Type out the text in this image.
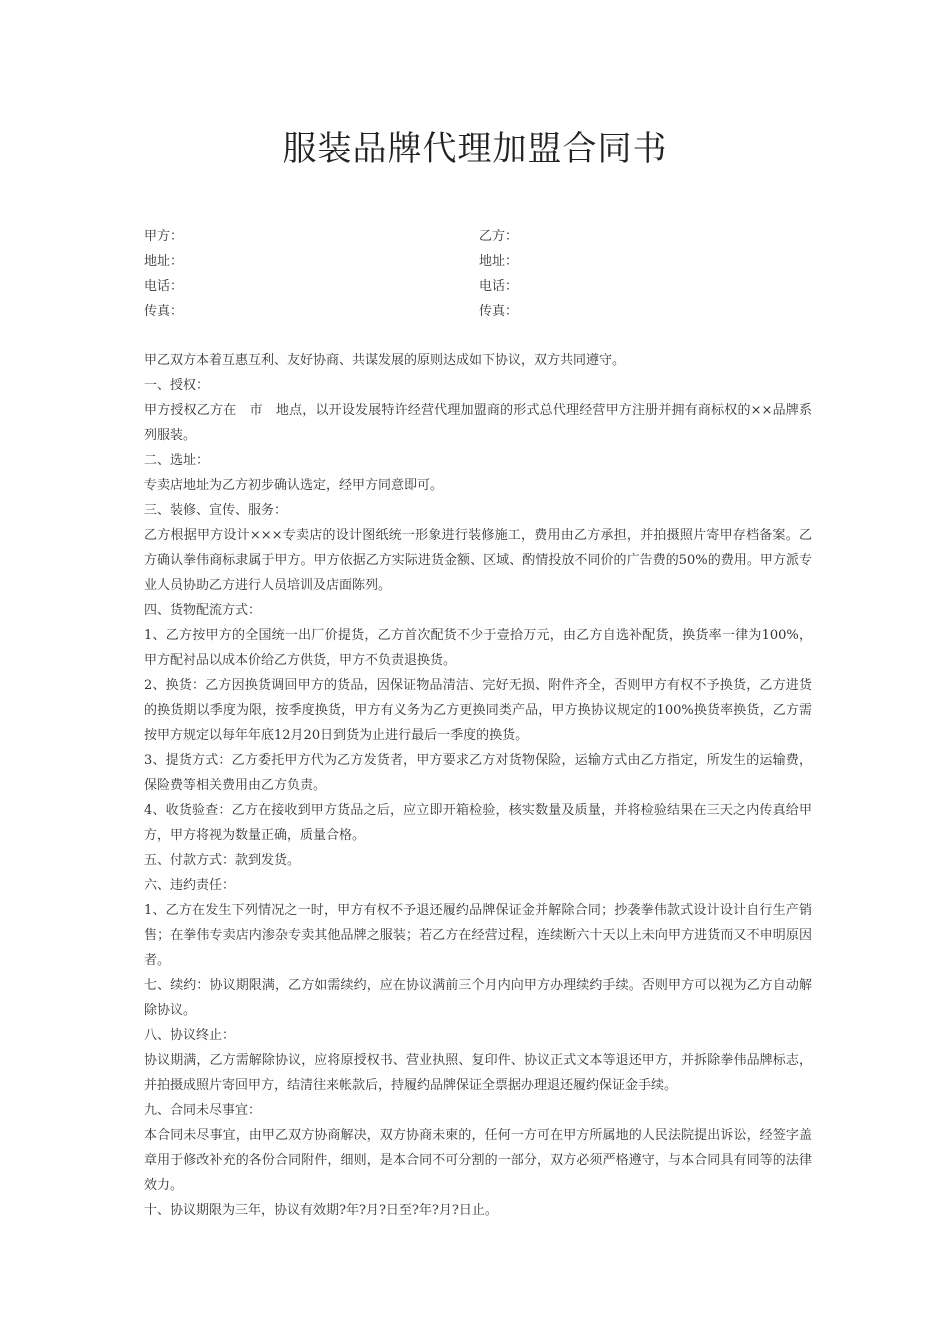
服装品牌代理加盟合同书
甲方：	乙方：
地址：	地址：
电话：	电话：
传真：	传真：

甲乙双方本着互惠互利、友好协商、共谋发展的原则达成如下协议，双方共同遵守。

一、授权：

甲方授权乙方在　市　地点，以开设发展特许经营代理加盟商的形式总代理经营甲方注册并拥有商标权的××品牌系列服装。

二、选址：

专卖店地址为乙方初步确认选定，经甲方同意即可。

三、装修、宣传、服务：

乙方根据甲方设计×××专卖店的设计图纸统一形象进行装修施工，费用由乙方承担，并拍摄照片寄甲存档备案。乙方确认拳伟商标隶属于甲方。甲方依据乙方实际进货金额、区域、酌情投放不同价的广告费的50%的费用。甲方派专业人员协助乙方进行人员培训及店面陈列。

四、货物配流方式：

1、乙方按甲方的全国统一出厂价提货，乙方首次配货不少于壹拾万元，由乙方自选补配货，换货率一律为100%，甲方配衬品以成本价给乙方供货，甲方不负责退换货。

2、换货：乙方因换货调回甲方的货品，因保证物品清洁、完好无损、附件齐全，否则甲方有权不予换货，乙方进货的换货期以季度为限，按季度换货，甲方有义务为乙方更换同类产品，甲方换协议规定的100%换货率换货，乙方需按甲方规定以每年年底12月20日到货为止进行最后一季度的换货。

3、提货方式：乙方委托甲方代为乙方发货者，甲方要求乙方对货物保险，运输方式由乙方指定，所发生的运输费，保险费等相关费用由乙方负责。

4、收货验查：乙方在接收到甲方货品之后，应立即开箱检验，核实数量及质量，并将检验结果在三天之内传真给甲方，甲方将视为数量正确，质量合格。

五、付款方式：款到发货。

六、违约责任：

1、乙方在发生下列情况之一时，甲方有权不予退还履约品牌保证金并解除合同；抄袭拳伟款式设计设计自行生产销售；在拳伟专卖店内渗杂专卖其他品牌之服装；若乙方在经营过程，连续断六十天以上未向甲方进货而又不申明原因者。

七、续约：协议期限满，乙方如需续约，应在协议满前三个月内向甲方办理续约手续。否则甲方可以视为乙方自动解除协议。

八、协议终止：

协议期满，乙方需解除协议，应将原授权书、营业执照、复印件、协议正式文本等退还甲方，并拆除拳伟品牌标志，并拍摄成照片寄回甲方，结清往来帐款后，持履约品牌保证全票据办理退还履约保证金手续。

九、合同未尽事宜：

本合同未尽事宜，由甲乙双方协商解决，双方协商未柬的，任何一方可在甲方所属地的人民法院提出诉讼，经签字盖章用于修改补充的各份合同附件，细则，是本合同不可分割的一部分，双方必须严格遵守，与本合同具有同等的法律效力。

十、协议期限为三年，协议有效期?年?月?日至?年?月?日止。
